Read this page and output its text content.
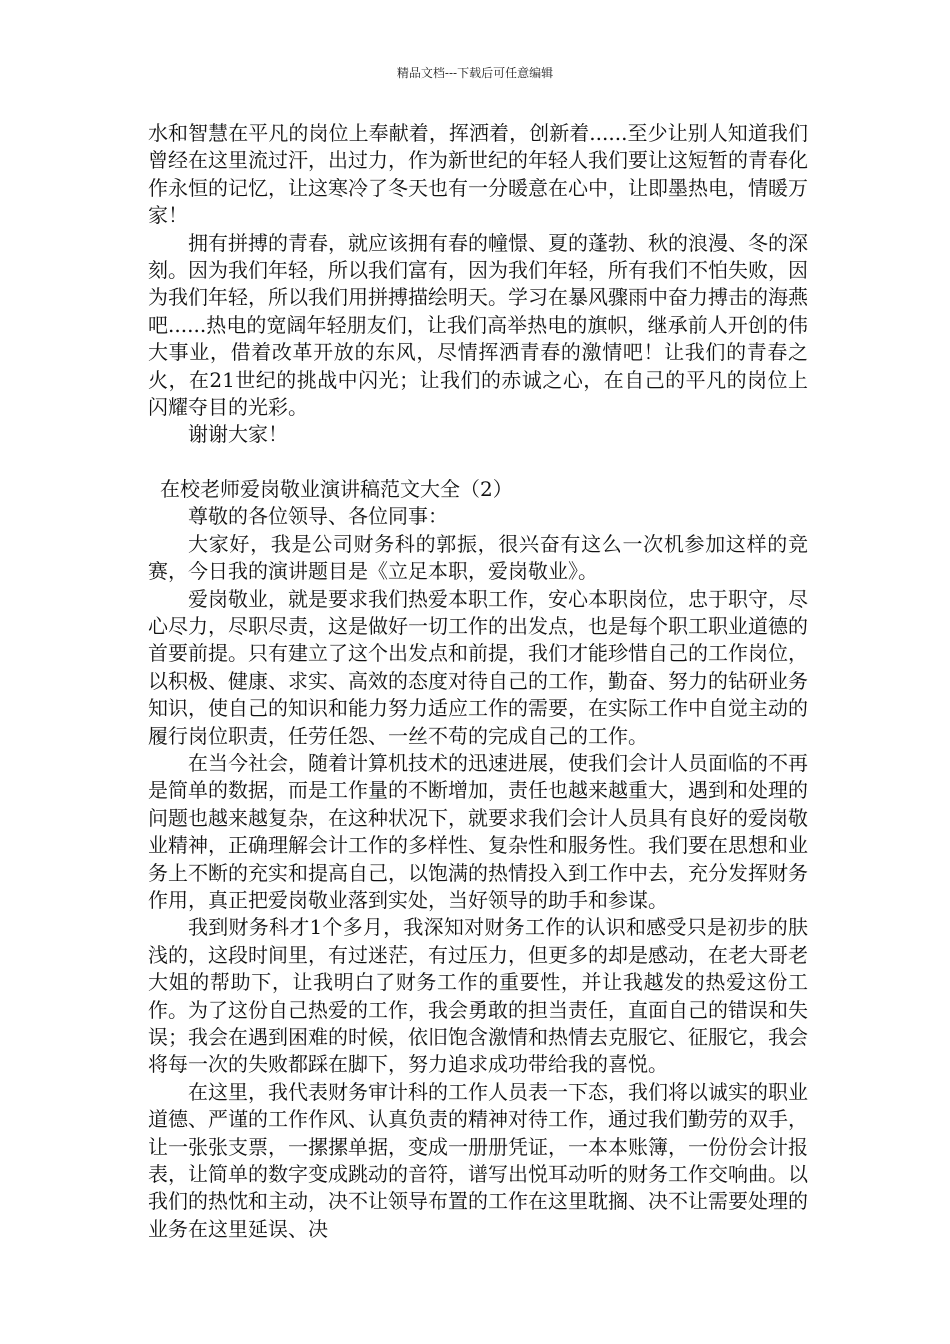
精品文档---下载后可任意编辑

水和智慧在平凡的岗位上奉献着，挥洒着，创新着......至少让别人知道我们曾经在这里流过汗，出过力，作为新世纪的年轻人我们要让这短暂的青春化作永恒的记忆，让这寒冷了冬天也有一分暖意在心中，让即墨热电，情暖万家！

拥有拼搏的青春，就应该拥有春的幢憬、夏的蓬勃、秋的浪漫、冬的深刻。因为我们年轻，所以我们富有，因为我们年轻，所有我们不怕失败，因为我们年轻，所以我们用拼搏描绘明天。学习在暴风骤雨中奋力搏击的海燕吧......热电的宽阔年轻朋友们，让我们高举热电的旗帜，继承前人开创的伟大事业，借着改革开放的东风，尽情挥洒青春的激情吧！让我们的青春之火，在21世纪的挑战中闪光；让我们的赤诚之心，在自己的平凡的岗位上闪耀夺目的光彩。

谢谢大家！

在校老师爱岗敬业演讲稿范文大全（2）

尊敬的各位领导、各位同事：

大家好，我是公司财务科的郭振，很兴奋有这么一次机参加这样的竞赛，今日我的演讲题目是《立足本职，爱岗敬业》。

爱岗敬业，就是要求我们热爱本职工作，安心本职岗位，忠于职守，尽心尽力，尽职尽责，这是做好一切工作的出发点，也是每个职工职业道德的首要前提。只有建立了这个出发点和前提，我们才能珍惜自己的工作岗位，以积极、健康、求实、高效的态度对待自己的工作，勤奋、努力的钻研业务知识，使自己的知识和能力努力适应工作的需要，在实际工作中自觉主动的履行岗位职责，任劳任怨、一丝不苟的完成自己的工作。

在当今社会，随着计算机技术的迅速进展，使我们会计人员面临的不再是简单的数据，而是工作量的不断增加，责任也越来越重大，遇到和处理的问题也越来越复杂，在这种状况下，就要求我们会计人员具有良好的爱岗敬业精神，正确理解会计工作的多样性、复杂性和服务性。我们要在思想和业务上不断的充实和提高自己，以饱满的热情投入到工作中去，充分发挥财务作用，真正把爱岗敬业落到实处，当好领导的助手和参谋。

我到财务科才1个多月，我深知对财务工作的认识和感受只是初步的肤浅的，这段时间里，有过迷茫，有过压力，但更多的却是感动，在老大哥老大姐的帮助下，让我明白了财务工作的重要性，并让我越发的热爱这份工作。为了这份自己热爱的工作，我会勇敢的担当责任，直面自己的错误和失误；我会在遇到困难的时候，依旧饱含激情和热情去克服它、征服它，我会将每一次的失败都踩在脚下，努力追求成功带给我的喜悦。

在这里，我代表财务审计科的工作人员表一下态，我们将以诚实的职业道德、严谨的工作作风、认真负责的精神对待工作，通过我们勤劳的双手，让一张张支票，一摞摞单据，变成一册册凭证，一本本账簿，一份份会计报表，让简单的数字变成跳动的音符，谱写出悦耳动听的财务工作交响曲。以我们的热忱和主动，决不让领导布置的工作在这里耽搁、决不让需要处理的业务在这里延误、决
